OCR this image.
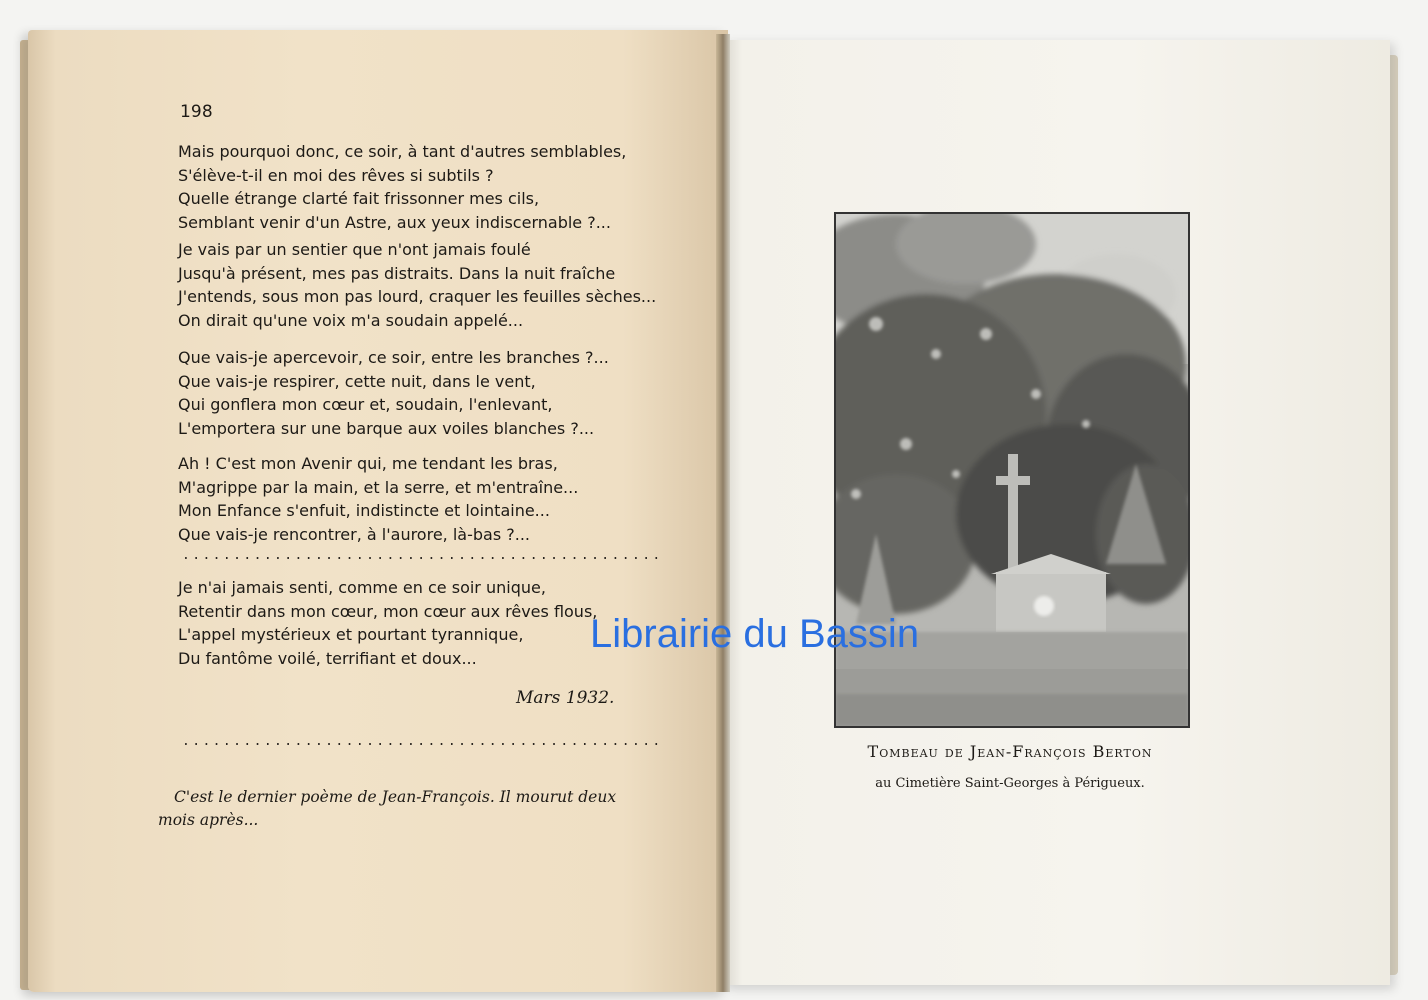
198
Mais pourquoi donc, ce soir, à tant d'autres semblables,
S'élève-t-il en moi des rêves si subtils ?
Quelle étrange clarté fait frissonner mes cils,
Semblant venir d'un Astre, aux yeux indiscernable ?...
Je vais par un sentier que n'ont jamais foulé
Jusqu'à présent, mes pas distraits. Dans la nuit fraîche
J'entends, sous mon pas lourd, craquer les feuilles sèches...
On dirait qu'une voix m'a soudain appelé...
Que vais-je apercevoir, ce soir, entre les branches ?...
Que vais-je respirer, cette nuit, dans le vent,
Qui gonflera mon cœur et, soudain, l'enlevant,
L'emportera sur une barque aux voiles blanches ?...
Ah ! C'est mon Avenir qui, me tendant les bras,
M'agrippe par la main, et la serre, et m'entraîne...
Mon Enfance s'enfuit, indistincte et lointaine...
Que vais-je rencontrer, à l'aurore, là-bas ?...
...............................................
Je n'ai jamais senti, comme en ce soir unique,
Retentir dans mon cœur, mon cœur aux rêves flous,
L'appel mystérieux et pourtant tyrannique,
Du fantôme voilé, terrifiant et doux...
Mars 1932.
...............................................
C'est le dernier poème de Jean-François. Il mourut deux mois après...
Tombeau de Jean-François Berton
au Cimetière Saint-Georges à Périgueux.
Librairie du Bassin
